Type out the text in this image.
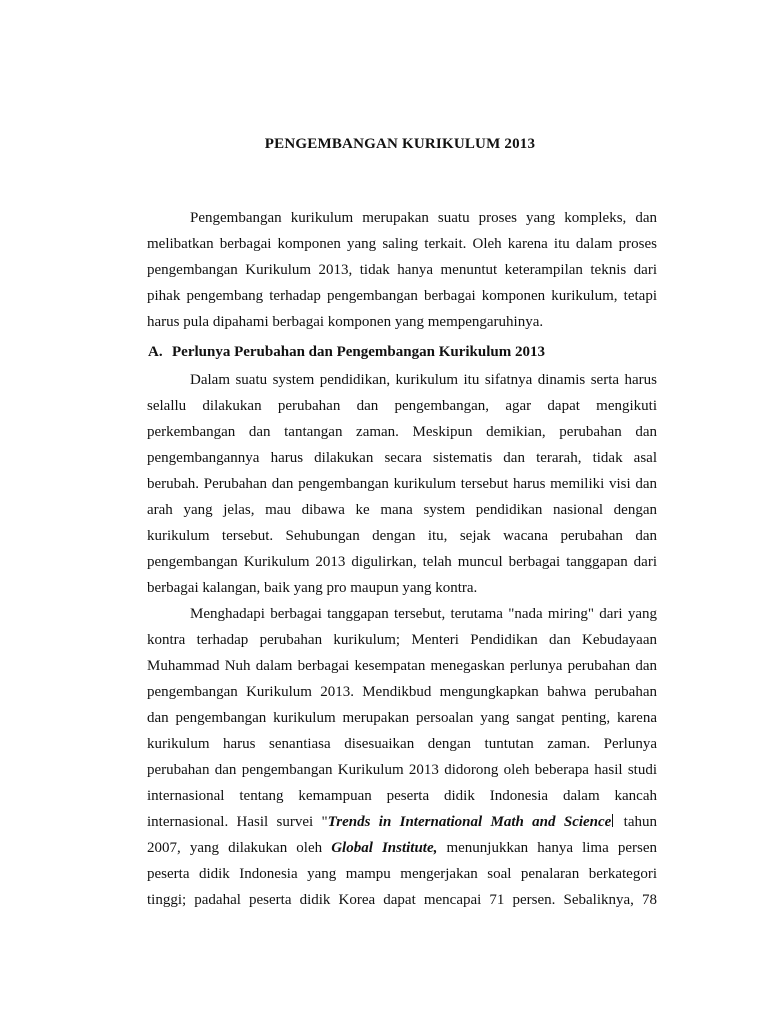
PENGEMBANGAN KURIKULUM 2013
Pengembangan kurikulum merupakan suatu proses yang kompleks, dan
melibatkan berbagai komponen yang saling terkait. Oleh karena itu dalam proses
pengembangan Kurikulum 2013, tidak hanya menuntut keterampilan teknis dari
pihak pengembang terhadap pengembangan berbagai komponen kurikulum, tetapi
harus pula dipahami berbagai komponen yang mempengaruhinya.
A. Perlunya Perubahan dan Pengembangan Kurikulum 2013
Dalam suatu system pendidikan, kurikulum itu sifatnya dinamis serta harus
selallu dilakukan perubahan dan pengembangan, agar dapat mengikuti
perkembangan dan tantangan zaman. Meskipun demikian, perubahan dan
pengembangannya harus dilakukan secara sistematis dan terarah, tidak asal
berubah. Perubahan dan pengembangan kurikulum tersebut harus memiliki visi dan
arah yang jelas, mau dibawa ke mana system pendidikan nasional dengan
kurikulum tersebut. Sehubungan dengan itu, sejak wacana perubahan dan
pengembangan Kurikulum 2013 digulirkan, telah muncul berbagai tanggapan dari
berbagai kalangan, baik yang pro maupun yang kontra.
Menghadapi berbagai tanggapan tersebut, terutama "nada miring" dari yang
kontra terhadap perubahan kurikulum; Menteri Pendidikan dan Kebudayaan
Muhammad Nuh dalam berbagai kesempatan menegaskan perlunya perubahan dan
pengembangan Kurikulum 2013. Mendikbud mengungkapkan bahwa perubahan
dan pengembangan kurikulum merupakan persoalan yang sangat penting, karena
kurikulum harus senantiasa disesuaikan dengan tuntutan zaman. Perlunya
perubahan dan pengembangan Kurikulum 2013 didorong oleh beberapa hasil studi
internasional tentang kemampuan peserta didik Indonesia dalam kancah
internasional. Hasil survei "Trends in International Math and Science tahun
2007, yang dilakukan oleh Global Institute, menunjukkan hanya lima persen
peserta didik Indonesia yang mampu mengerjakan soal penalaran berkategori
tinggi; padahal peserta didik Korea dapat mencapai 71 persen. Sebaliknya, 78
